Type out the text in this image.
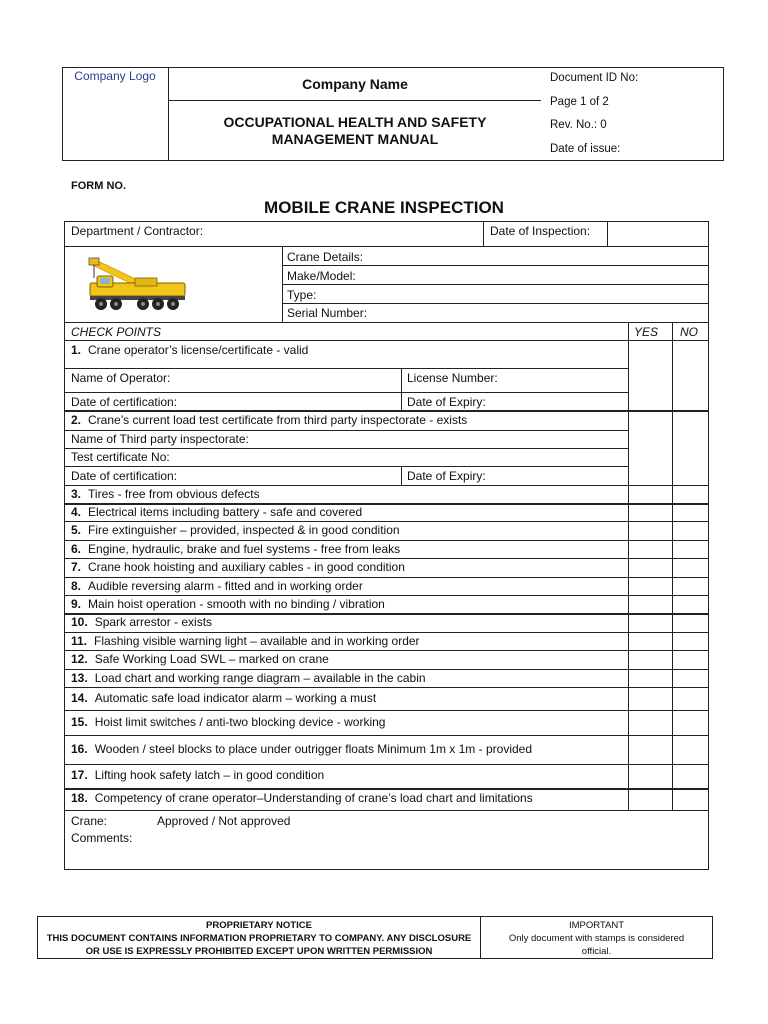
Company Logo	Company Name
OCCUPATIONAL HEALTH AND SAFETY
MANAGEMENT MANUAL
Document ID No:
Page 1 of 2
Rev. No.: 0
Date of issue:
FORM NO.
MOBILE CRANE INSPECTION
Department / Contractor:	Date of Inspection:
Crane Details:
Make/Model:
Type:
Serial Number:
CHECK POINTS	YES NO
1. Crane operator’s license/certificate - valid
Name of Operator:	License Number:
Date of certification:	Date of Expiry:
2. Crane’s current load test certificate from third party inspectorate - exists
Name of Third party inspectorate:
Test certificate No:
Date of certification:	Date of Expiry:
3. Tires - free from obvious defects
4. Electrical items including battery - safe and covered
5. Fire extinguisher – provided, inspected & in good condition
6. Engine, hydraulic, brake and fuel systems - free from leaks
7. Crane hook hoisting and auxiliary cables - in good condition
8. Audible reversing alarm - fitted and in working order
9. Main hoist operation - smooth with no binding / vibration
10. Spark arrestor - exists
11. Flashing visible warning light – available and in working order
12. Safe Working Load SWL – marked on crane
13. Load chart and working range diagram – available in the cabin
14. Automatic safe load indicator alarm – working a must
15. Hoist limit switches / anti-two blocking device - working
16. Wooden / steel blocks to place under outrigger floats Minimum 1m x 1m - provided
17. Lifting hook safety latch – in good condition
18. Competency of crane operator–Understanding of crane’s load chart and limitations
Crane:	Approved / Not approved
Comments:
PROPRIETARY NOTICE
THIS DOCUMENT CONTAINS INFORMATION PROPRIETARY TO COMPANY. ANY DISCLOSURE
OR USE IS EXPRESSLY PROHIBITED EXCEPT UPON WRITTEN PERMISSION
IMPORTANT
Only document with stamps is considered
official.
